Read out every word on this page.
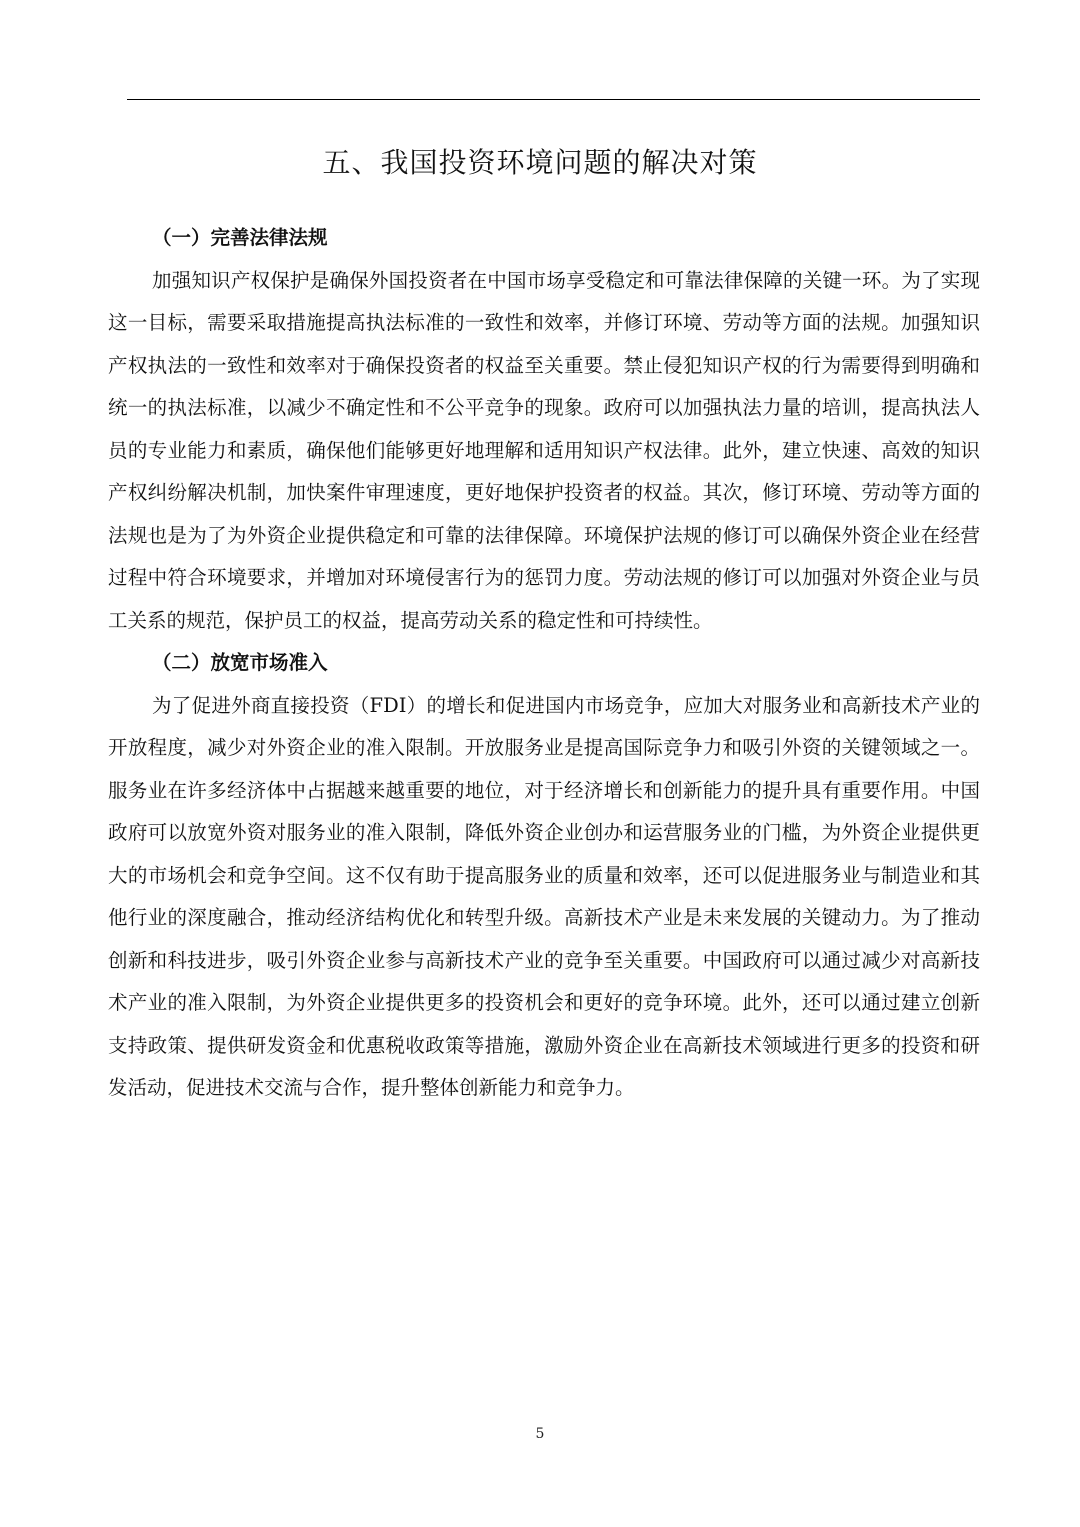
五、我国投资环境问题的解决对策
（一）完善法律法规

加强知识产权保护是确保外国投资者在中国市场享受稳定和可靠法律保障的关键一环。为了实现这一目标，需要采取措施提高执法标准的一致性和效率，并修订环境、劳动等方面的法规。加强知识产权执法的一致性和效率对于确保投资者的权益至关重要。禁止侵犯知识产权的行为需要得到明确和统一的执法标准，以减少不确定性和不公平竞争的现象。政府可以加强执法力量的培训，提高执法人员的专业能力和素质，确保他们能够更好地理解和适用知识产权法律。此外，建立快速、高效的知识产权纠纷解决机制，加快案件审理速度，更好地保护投资者的权益。其次，修订环境、劳动等方面的法规也是为了为外资企业提供稳定和可靠的法律保障。环境保护法规的修订可以确保外资企业在经营过程中符合环境要求，并增加对环境侵害行为的惩罚力度。劳动法规的修订可以加强对外资企业与员工关系的规范，保护员工的权益，提高劳动关系的稳定性和可持续性。

（二）放宽市场准入

为了促进外商直接投资（FDI）的增长和促进国内市场竞争，应加大对服务业和高新技术产业的开放程度，减少对外资企业的准入限制。开放服务业是提高国际竞争力和吸引外资的关键领域之一。服务业在许多经济体中占据越来越重要的地位，对于经济增长和创新能力的提升具有重要作用。中国政府可以放宽外资对服务业的准入限制，降低外资企业创办和运营服务业的门槛，为外资企业提供更大的市场机会和竞争空间。这不仅有助于提高服务业的质量和效率，还可以促进服务业与制造业和其他行业的深度融合，推动经济结构优化和转型升级。高新技术产业是未来发展的关键动力。为了推动创新和科技进步，吸引外资企业参与高新技术产业的竞争至关重要。中国政府可以通过减少对高新技术产业的准入限制，为外资企业提供更多的投资机会和更好的竞争环境。此外，还可以通过建立创新支持政策、提供研发资金和优惠税收政策等措施，激励外资企业在高新技术领域进行更多的投资和研发活动，促进技术交流与合作，提升整体创新能力和竞争力。

5
